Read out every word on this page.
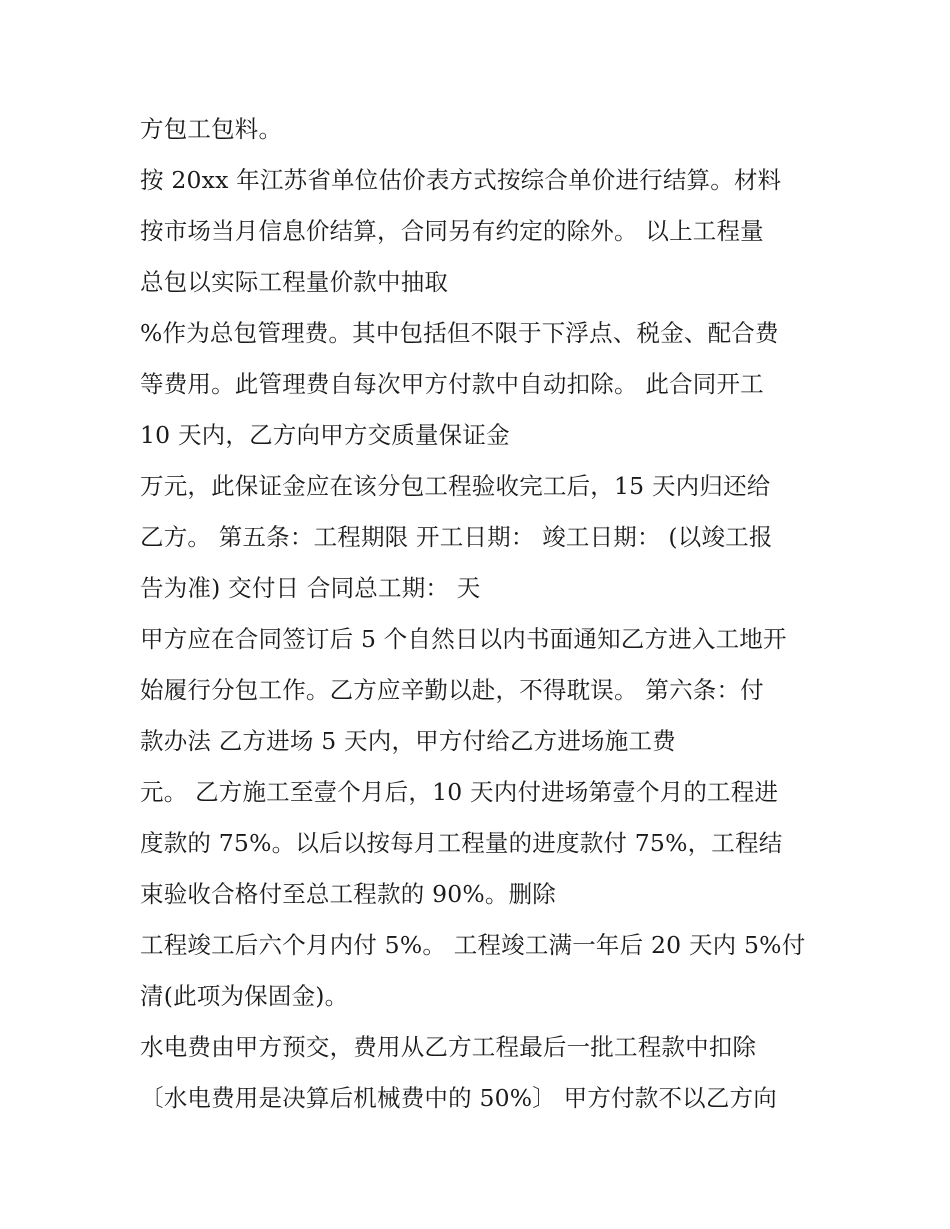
方包工包料。
按 20xx 年江苏省单位估价表方式按综合单价进行结算。材料
按市场当月信息价结算，合同另有约定的除外。 以上工程量
总包以实际工程量价款中抽取
%作为总包管理费。其中包括但不限于下浮点、税金、配合费
等费用。此管理费自每次甲方付款中自动扣除。 此合同开工
10 天内，乙方向甲方交质量保证金
万元，此保证金应在该分包工程验收完工后，15 天内归还给
乙方。 第五条：工程期限 开工日期： 竣工日期： (以竣工报
告为准) 交付日 合同总工期： 天
甲方应在合同签订后 5 个自然日以内书面通知乙方进入工地开
始履行分包工作。乙方应辛勤以赴，不得耽误。 第六条：付
款办法 乙方进场 5 天内，甲方付给乙方进场施工费
元。 乙方施工至壹个月后，10 天内付进场第壹个月的工程进
度款的 75%。以后以按每月工程量的进度款付 75%，工程结
束验收合格付至总工程款的 90%。删除
工程竣工后六个月内付 5%。 工程竣工满一年后 20 天内 5%付
清(此项为保固金)。
水电费由甲方预交，费用从乙方工程最后一批工程款中扣除
〔水电费用是决算后机械费中的 50%〕 甲方付款不以乙方向
